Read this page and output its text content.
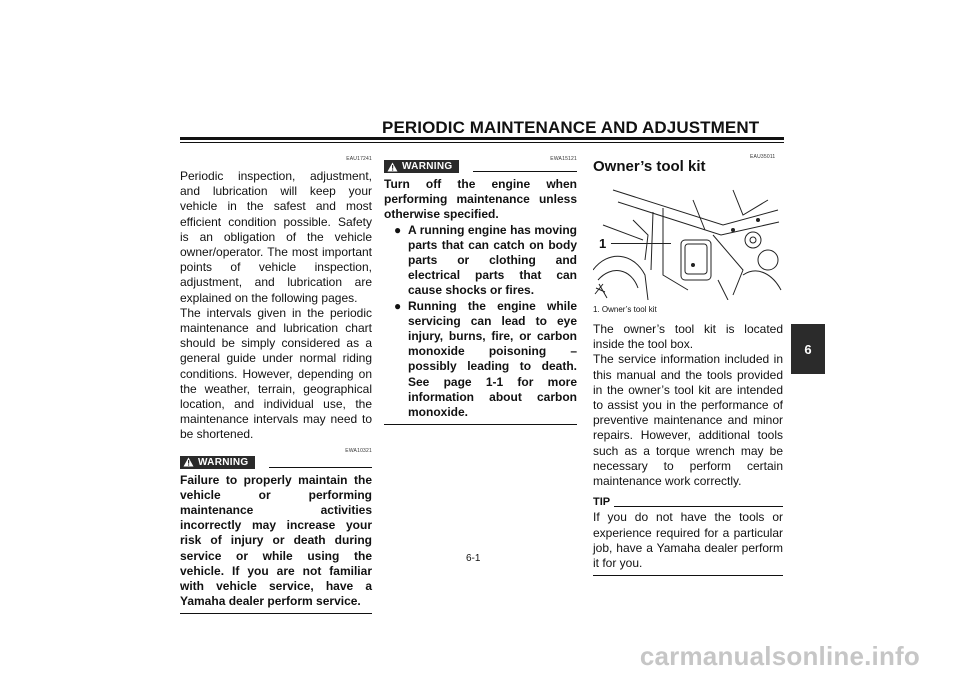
PERIODIC MAINTENANCE AND ADJUSTMENT
EAU17241

Periodic inspection, adjustment, and lubrication will keep your vehicle in the safest and most efficient condition possible. Safety is an obligation of the vehicle owner/operator. The most important points of vehicle inspection, adjustment, and lubrication are explained on the following pages.

The intervals given in the periodic maintenance and lubrication chart should be simply considered as a general guide under normal riding conditions. However, depending on the weather, terrain, geographical location, and individual use, the maintenance intervals may need to be shortened.

EWA10321
WARNING

Failure to properly maintain the vehicle or performing maintenance activities incorrectly may increase your risk of injury or death during service or while using the vehicle. If you are not familiar with vehicle service, have a Yamaha dealer perform service.

EWA15121
WARNING

Turn off the engine when performing maintenance unless otherwise specified.

● A running engine has moving parts that can catch on body parts or clothing and electrical parts that can cause shocks or fires.
● Running the engine while servicing can lead to eye injury, burns, fire, or carbon monoxide poisoning – possibly leading to death. See page 1-1 for more information about carbon monoxide.
EAU35011
Owner’s tool kit
1
1. Owner’s tool kit

The owner’s tool kit is located inside the tool box.

The service information included in this manual and the tools provided in the owner’s tool kit are intended to assist you in the performance of preventive maintenance and minor repairs. However, additional tools such as a torque wrench may be necessary to perform certain maintenance work correctly.

TIP

If you do not have the tools or experience required for a particular job, have a Yamaha dealer perform it for you.

6
6-1
carmanualsonline.info
